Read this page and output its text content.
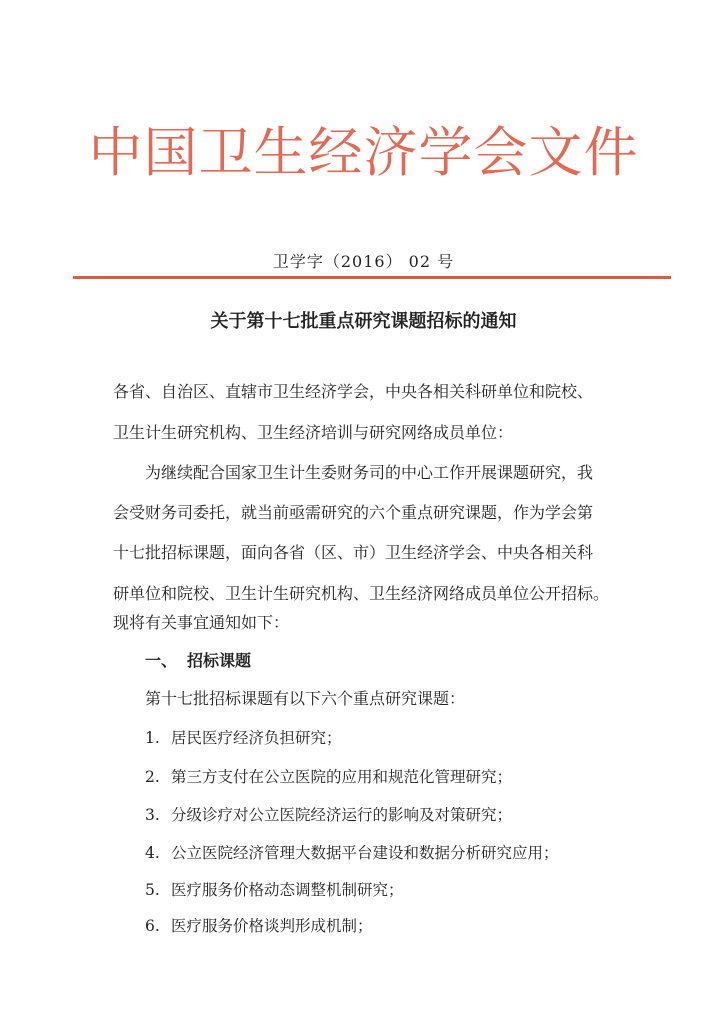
中国卫生经济学会文件
卫学字（2016） 02 号
关于第十七批重点研究课题招标的通知
各省、自治区、直辖市卫生经济学会，中央各相关科研单位和院校、
卫生计生研究机构、卫生经济培训与研究网络成员单位：
为继续配合国家卫生计生委财务司的中心工作开展课题研究，我
会受财务司委托，就当前亟需研究的六个重点研究课题，作为学会第
十七批招标课题，面向各省（区、市）卫生经济学会、中央各相关科
研单位和院校、卫生计生研究机构、卫生经济网络成员单位公开招标。
现将有关事宜通知如下：
一、 招标课题
第十七批招标课题有以下六个重点研究课题：
1. 居民医疗经济负担研究；
2. 第三方支付在公立医院的应用和规范化管理研究；
3. 分级诊疗对公立医院经济运行的影响及对策研究；
4. 公立医院经济管理大数据平台建设和数据分析研究应用；
5. 医疗服务价格动态调整机制研究；
6. 医疗服务价格谈判形成机制；
